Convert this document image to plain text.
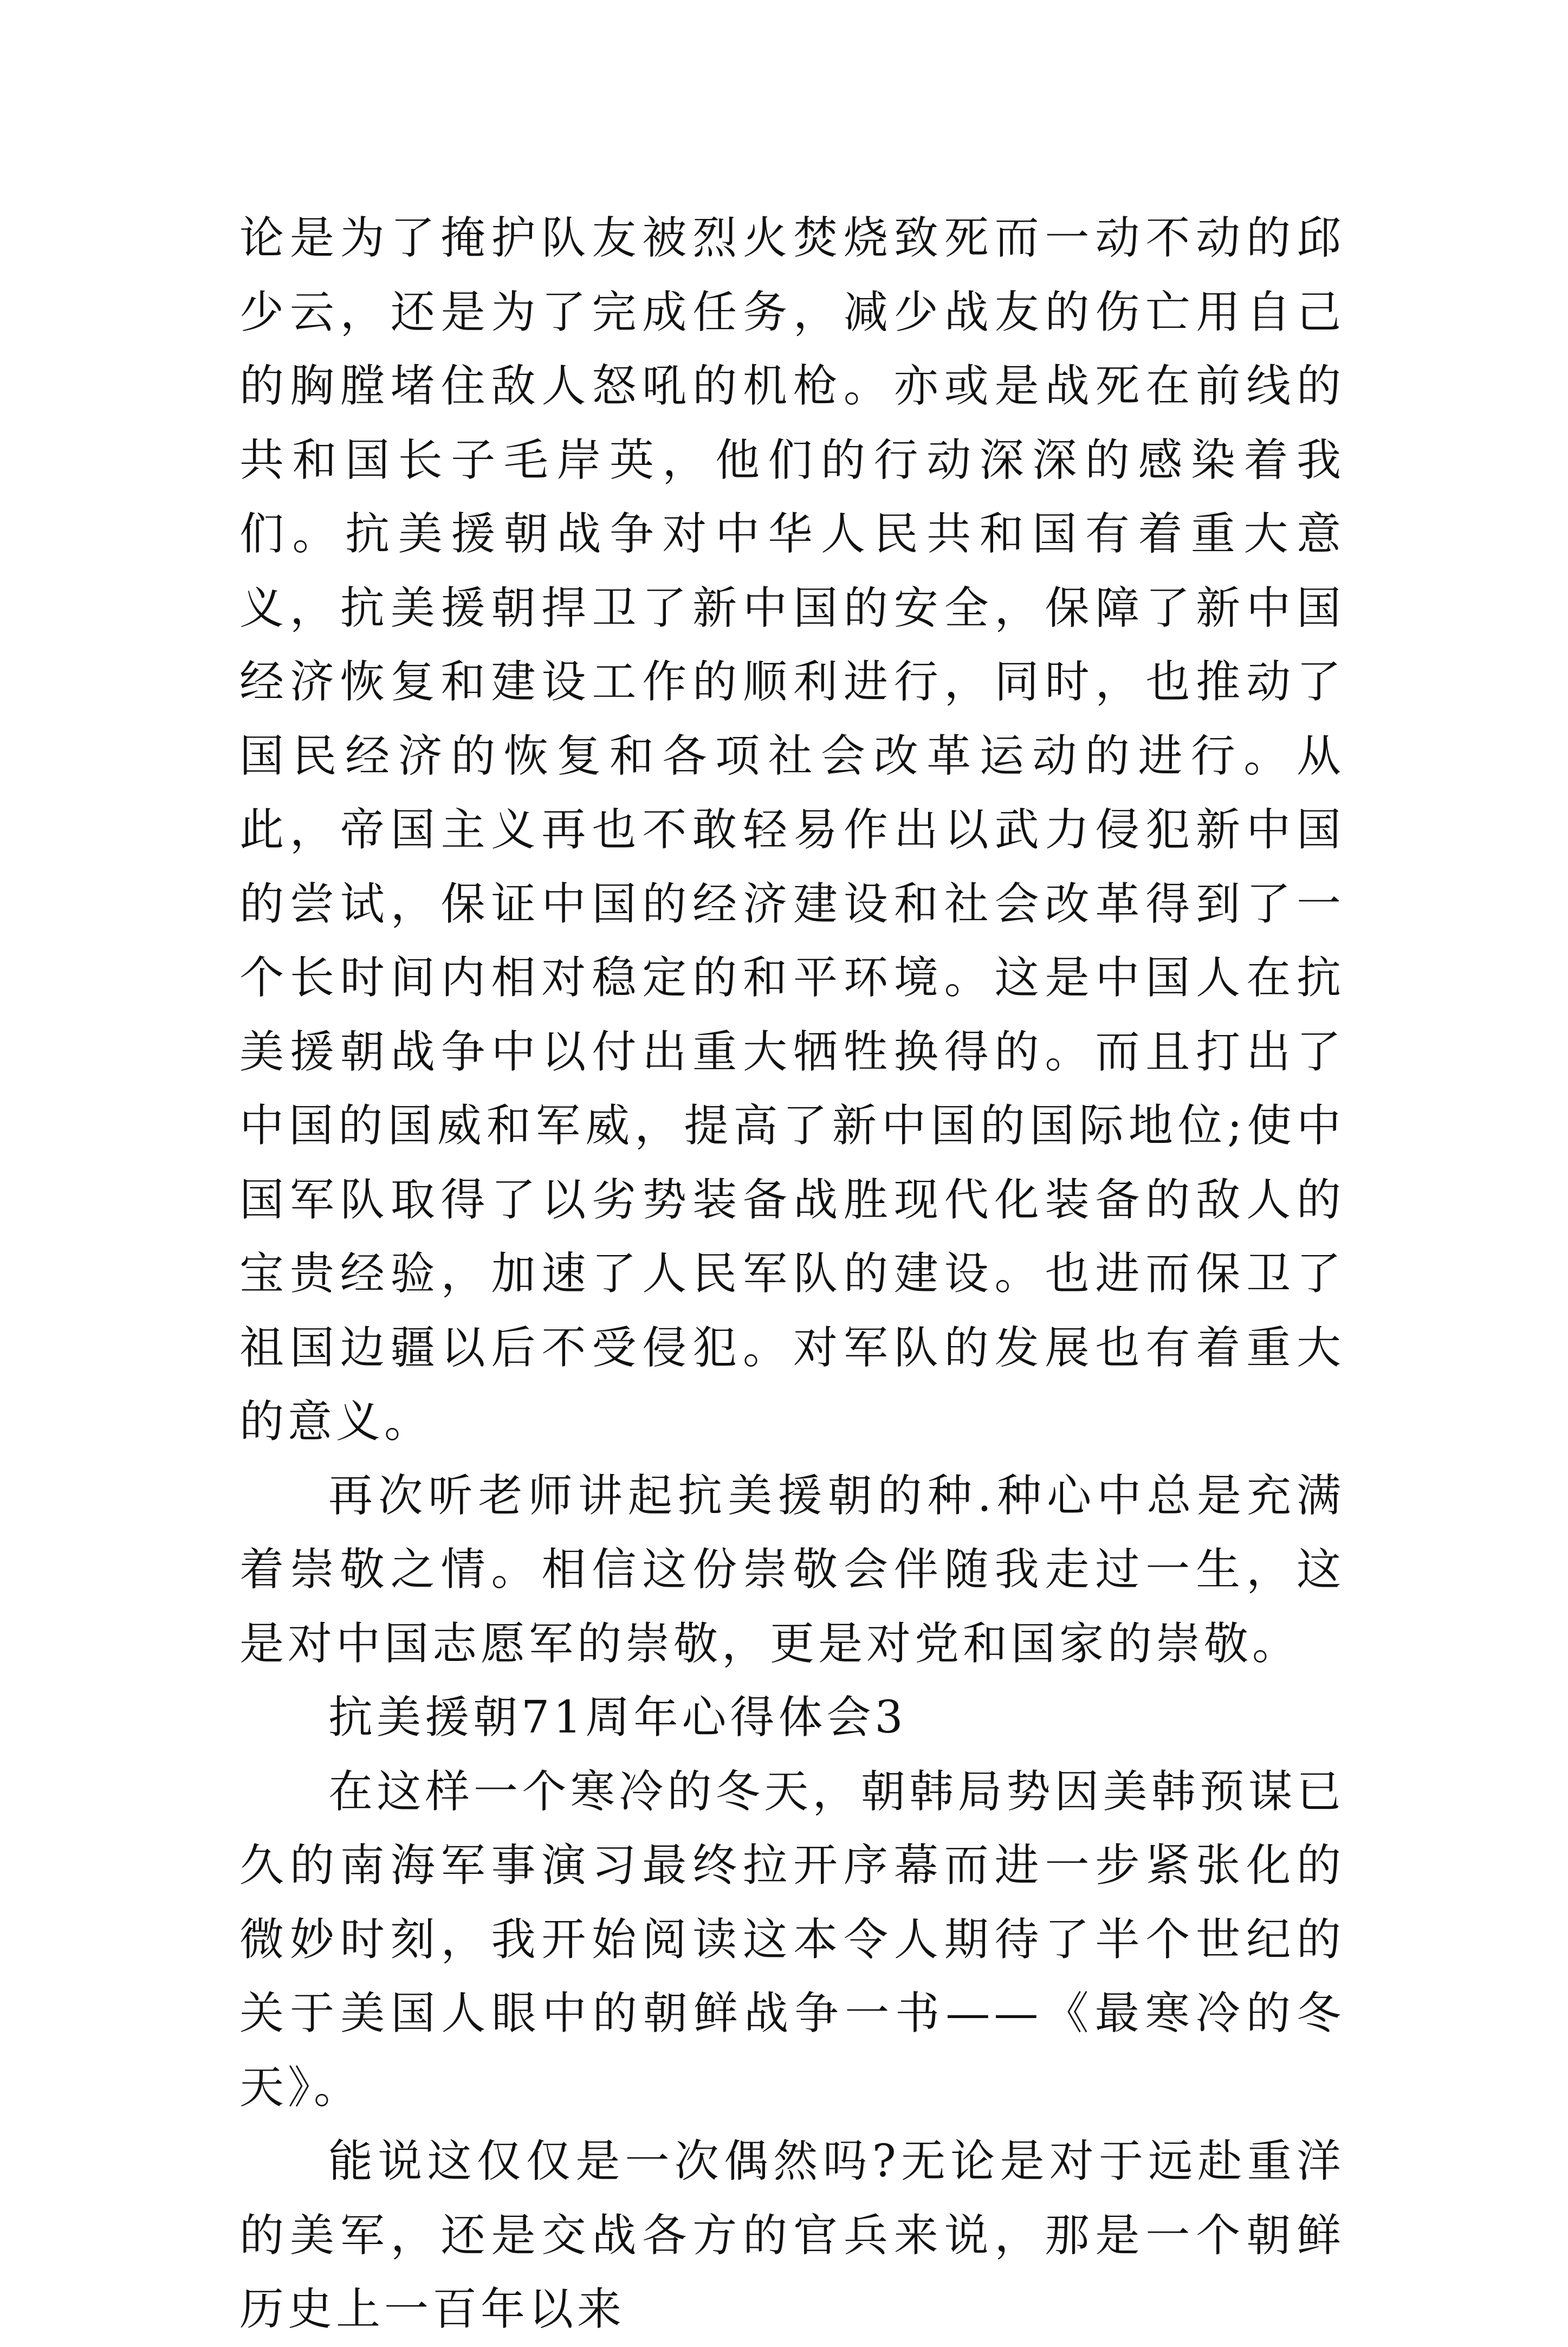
论是为了掩护队友被烈火焚烧致死而一动不动的邱少云，还是为了完成任务，减少战友的伤亡用自己的胸膛堵住敌人怒吼的机枪。亦或是战死在前线的共和国长子毛岸英，他们的行动深深的感染着我们。抗美援朝战争对中华人民共和国有着重大意义，抗美援朝捍卫了新中国的安全，保障了新中国经济恢复和建设工作的顺利进行，同时，也推动了国民经济的恢复和各项社会改革运动的进行。从此，帝国主义再也不敢轻易作出以武力侵犯新中国的尝试，保证中国的经济建设和社会改革得到了一个长时间内相对稳定的和平环境。这是中国人在抗美援朝战争中以付出重大牺牲换得的。而且打出了中国的国威和军威，提高了新中国的国际地位;使中国军队取得了以劣势装备战胜现代化装备的敌人的宝贵经验，加速了人民军队的建设。也进而保卫了祖国边疆以后不受侵犯。对军队的发展也有着重大的意义。

再次听老师讲起抗美援朝的种.种心中总是充满着崇敬之情。相信这份崇敬会伴随我走过一生，这是对中国志愿军的崇敬，更是对党和国家的崇敬。

抗美援朝71周年心得体会3

在这样一个寒冷的冬天，朝韩局势因美韩预谋已久的南海军事演习最终拉开序幕而进一步紧张化的微妙时刻，我开始阅读这本令人期待了半个世纪的关于美国人眼中的朝鲜战争一书——《最寒冷的冬天》。

能说这仅仅是一次偶然吗?无论是对于远赴重洋的美军，还是交战各方的官兵来说，那是一个朝鲜历史上一百年以来
